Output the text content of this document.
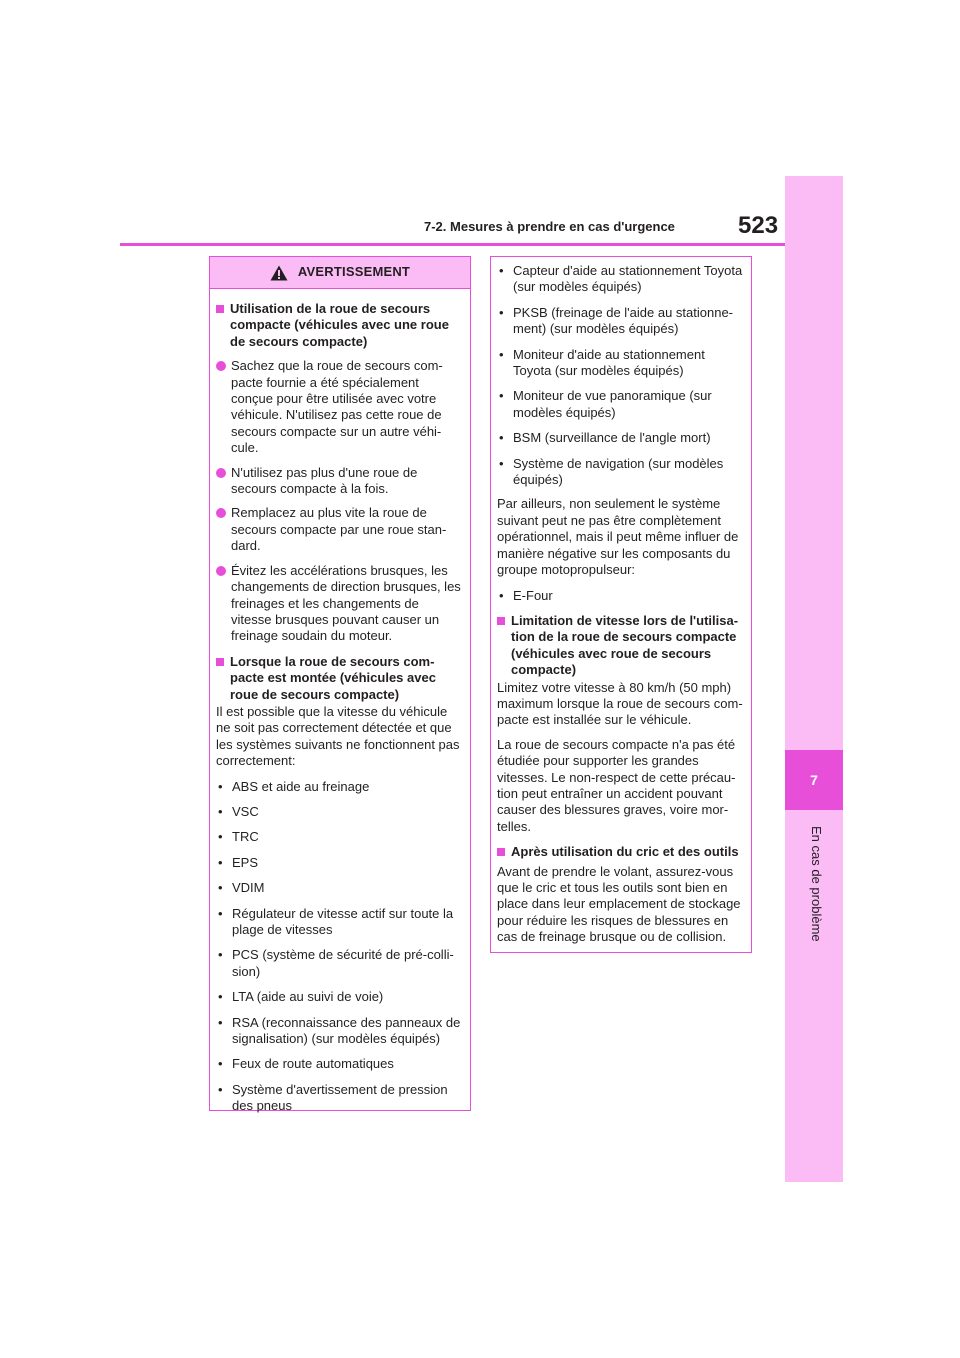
7
En cas de problème
7-2. Mesures à prendre en cas d'urgence	523
AVERTISSEMENT
Utilisation de la roue de secours compacte (véhicules avec une roue de secours compacte)
Sachez que la roue de secours com-pacte fournie a été spécialement conçue pour être utilisée avec votre véhicule. N'utilisez pas cette roue de secours compacte sur un autre véhi-cule.
N'utilisez pas plus d'une roue de secours compacte à la fois.
Remplacez au plus vite la roue de secours compacte par une roue stan-dard.
Évitez les accélérations brusques, les changements de direction brusques, les freinages et les changements de vitesse brusques pouvant causer un freinage soudain du moteur.
Lorsque la roue de secours com-pacte est montée (véhicules avec roue de secours compacte)
Il est possible que la vitesse du véhicule ne soit pas correctement détectée et que les systèmes suivants ne fonctionnent pas correctement:
• ABS et aide au freinage
• VSC
• TRC
• EPS
• VDIM
• Régulateur de vitesse actif sur toute la plage de vitesses
• PCS (système de sécurité de pré-colli-sion)
• LTA (aide au suivi de voie)
• RSA (reconnaissance des panneaux de signalisation) (sur modèles équipés)
• Feux de route automatiques
• Système d'avertissement de pression des pneus
• Capteur d'aide au stationnement Toyota (sur modèles équipés)
• PKSB (freinage de l'aide au stationne-ment) (sur modèles équipés)
• Moniteur d'aide au stationnement Toyota (sur modèles équipés)
• Moniteur de vue panoramique (sur modèles équipés)
• BSM (surveillance de l'angle mort)
• Système de navigation (sur modèles équipés)
Par ailleurs, non seulement le système suivant peut ne pas être complètement opérationnel, mais il peut même influer de manière négative sur les composants du groupe motopropulseur:
• E-Four
Limitation de vitesse lors de l'utilisa-tion de la roue de secours compacte (véhicules avec roue de secours compacte)
Limitez votre vitesse à 80 km/h (50 mph) maximum lorsque la roue de secours com-pacte est installée sur le véhicule.
La roue de secours compacte n'a pas été étudiée pour supporter les grandes vitesses. Le non-respect de cette précau-tion peut entraîner un accident pouvant causer des blessures graves, voire mor-telles.
Après utilisation du cric et des outils
Avant de prendre le volant, assurez-vous que le cric et tous les outils sont bien en place dans leur emplacement de stockage pour réduire les risques de blessures en cas de freinage brusque ou de collision.
